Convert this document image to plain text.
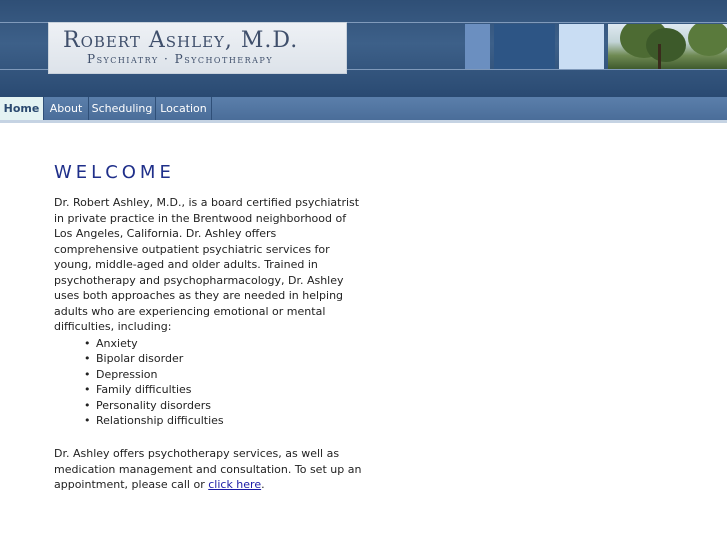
Robert Ashley, M.D.
Psychiatry · Psychotherapy
Home About Scheduling Location
WELCOME

Dr. Robert Ashley, M.D., is a board certified psychiatrist in private practice in the Brentwood neighborhood of Los Angeles, California. Dr. Ashley offers comprehensive outpatient psychiatric services for young, middle-aged and older adults. Trained in psychotherapy and psychopharmacology, Dr. Ashley uses both approaches as they are needed in helping adults who are experiencing emotional or mental difficulties, including:

• Anxiety
• Bipolar disorder
• Depression
• Family difficulties
• Personality disorders
• Relationship difficulties

Dr. Ashley offers psychotherapy services, as well as medication management and consultation. To set up an appointment, please call or click here.
